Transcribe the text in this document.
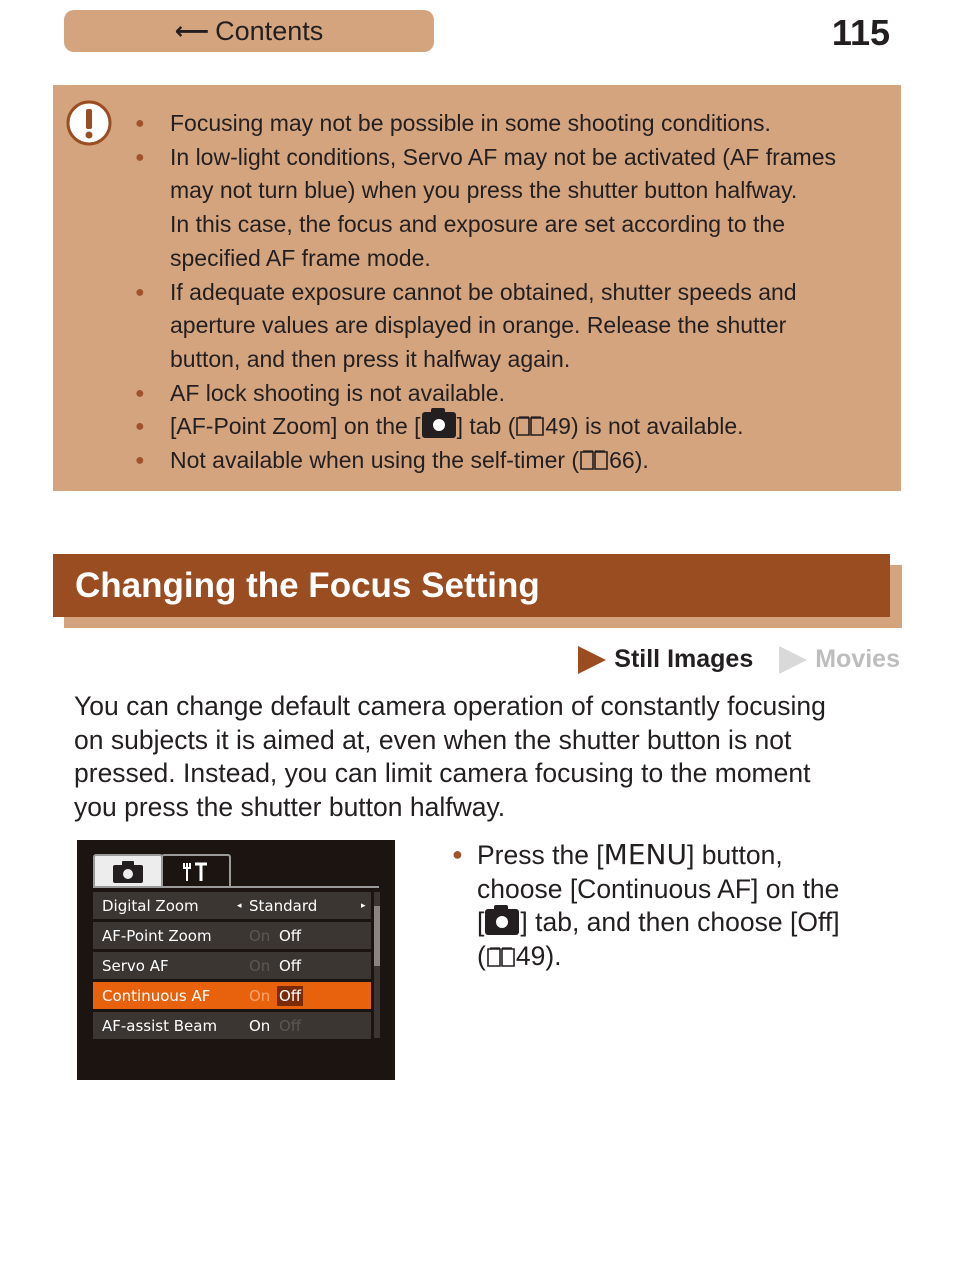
⟵ Contents	115
● Focusing may not be possible in some shooting conditions.
● In low-light conditions, Servo AF may not be activated (AF frames
may not turn blue) when you press the shutter button halfway.
In this case, the focus and exposure are set according to the
specified AF frame mode.
● If adequate exposure cannot be obtained, shutter speeds and
aperture values are displayed in orange. Release the shutter
button, and then press it halfway again.
● AF lock shooting is not available.
● [AF-Point Zoom] on the [ ] tab ( 49) is not available.
● Not available when using the self-timer ( 66).
Changing the Focus Setting
Still Images Movies
You can change default camera operation of constantly focusing
on subjects it is aimed at, even when the shutter button is not
pressed. Instead, you can limit camera focusing to the moment
you press the shutter button halfway.
Digital Zoom	◂ Standard	▸
AF-Point Zoom On Off
Servo AF	On Off
Continuous AF	On Off
AF-assist Beam On Off
● Press the [MENU] button,
choose [Continuous AF] on the
[ ] tab, and then choose [Off]
( 49).
